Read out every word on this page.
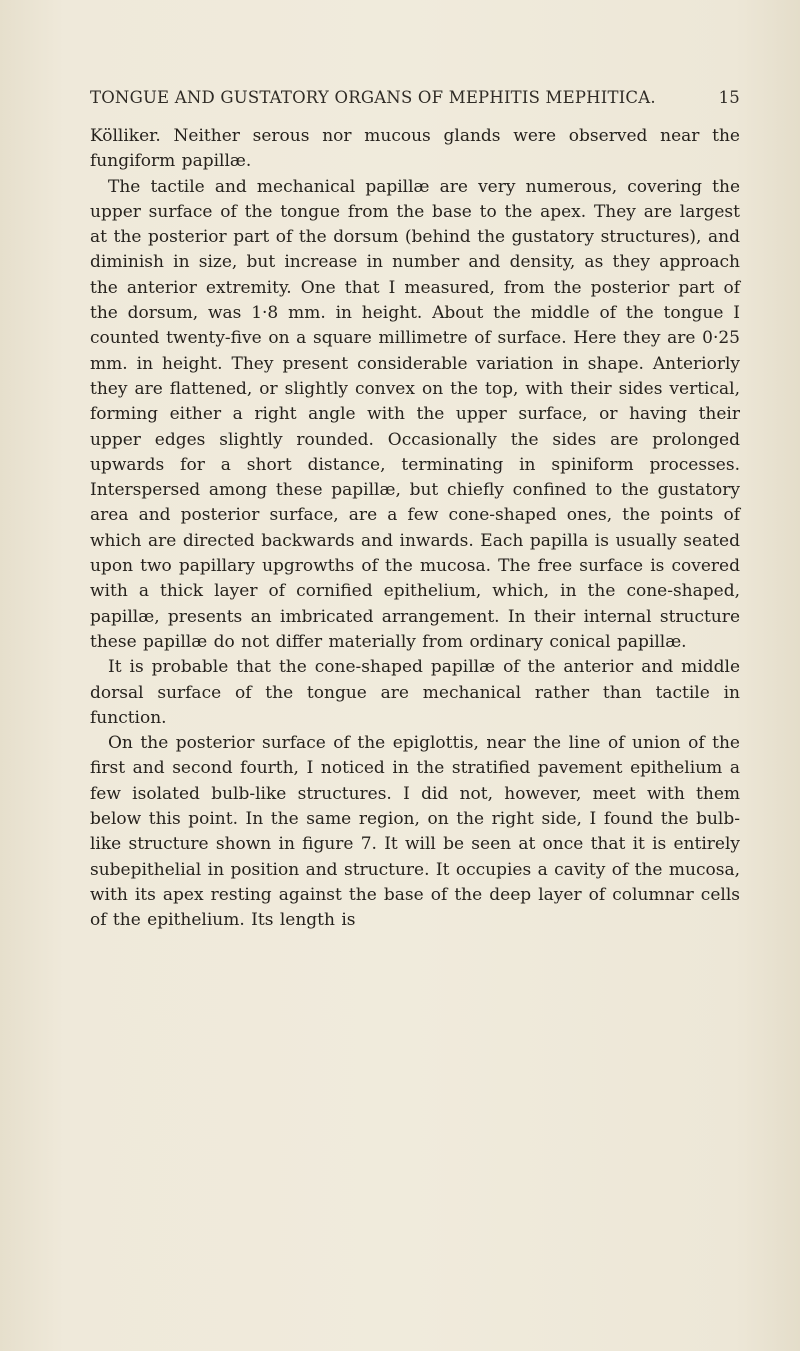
TONGUE AND GUSTATORY ORGANS OF MEPHITIS MEPHITICA.	15

Kölliker. Neither serous nor mucous glands were observed near the fungiform papillæ.

The tactile and mechanical papillæ are very numerous, covering the upper surface of the tongue from the base to the apex. They are largest at the posterior part of the dorsum (behind the gustatory structures), and diminish in size, but increase in number and density, as they approach the anterior extremity. One that I measured, from the posterior part of the dorsum, was 1·8 mm. in height. About the middle of the tongue I counted twenty-five on a square millimetre of surface. Here they are 0·25 mm. in height. They present considerable variation in shape. Anteriorly they are flattened, or slightly convex on the top, with their sides vertical, forming either a right angle with the upper surface, or having their upper edges slightly rounded. Occasionally the sides are prolonged upwards for a short distance, terminating in spiniform processes. Interspersed among these papillæ, but chiefly confined to the gustatory area and posterior surface, are a few cone-shaped ones, the points of which are directed backwards and inwards. Each papilla is usually seated upon two papillary upgrowths of the mucosa. The free surface is covered with a thick layer of cornified epithelium, which, in the cone-shaped, papillæ, presents an imbricated arrangement. In their internal structure these papillæ do not differ materially from ordinary conical papillæ.

It is probable that the cone-shaped papillæ of the anterior and middle dorsal surface of the tongue are mechanical rather than tactile in function.

On the posterior surface of the epiglottis, near the line of union of the first and second fourth, I noticed in the stratified pavement epithelium a few isolated bulb-like structures. I did not, however, meet with them below this point. In the same region, on the right side, I found the bulb-like structure shown in figure 7. It will be seen at once that it is entirely subepithelial in position and structure. It occupies a cavity of the mucosa, with its apex resting against the base of the deep layer of columnar cells of the epithelium. Its length is
